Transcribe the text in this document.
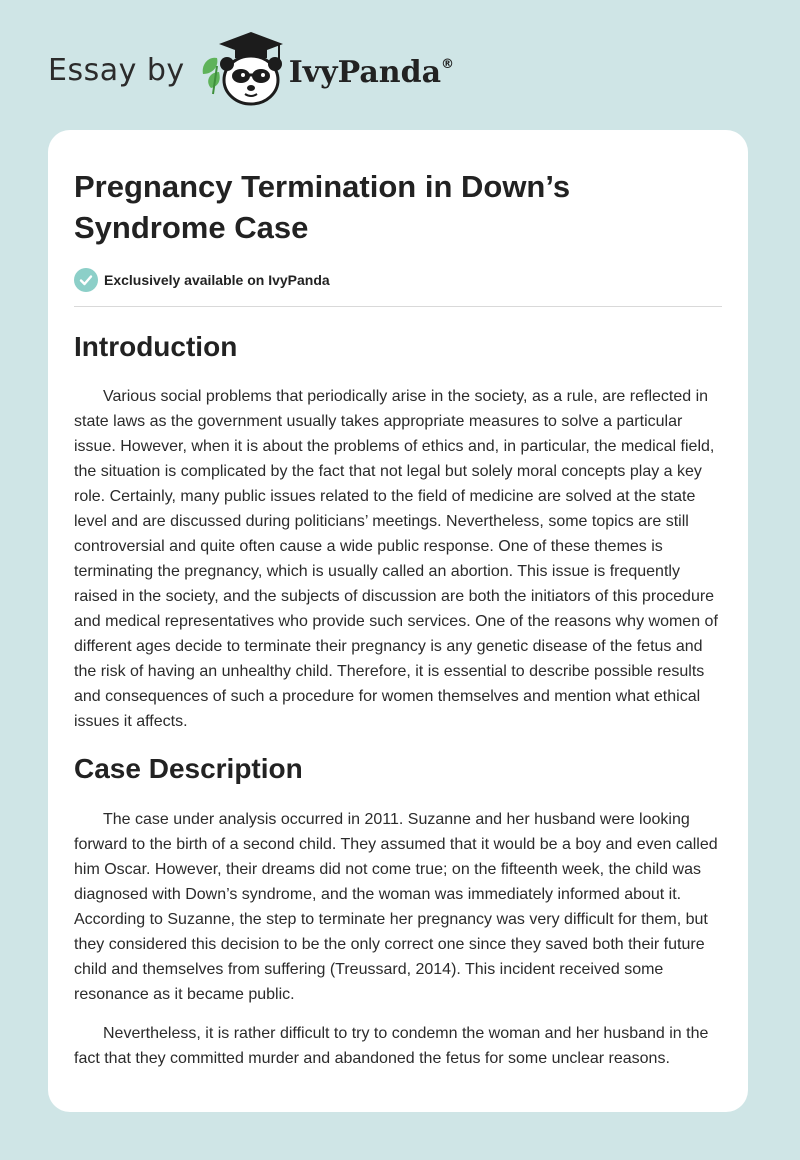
Essay by	IvyPanda®
Pregnancy Termination in Down’s Syndrome Case
Exclusively available on IvyPanda
Introduction

Various social problems that periodically arise in the society, as a rule, are reflected in state laws as the government usually takes appropriate measures to solve a particular issue. However, when it is about the problems of ethics and, in particular, the medical field, the situation is complicated by the fact that not legal but solely moral concepts play a key role. Certainly, many public issues related to the field of medicine are solved at the state level and are discussed during politicians’ meetings. Nevertheless, some topics are still controversial and quite often cause a wide public response. One of these themes is terminating the pregnancy, which is usually called an abortion. This issue is frequently raised in the society, and the subjects of discussion are both the initiators of this procedure and medical representatives who provide such services. One of the reasons why women of different ages decide to terminate their pregnancy is any genetic disease of the fetus and the risk of having an unhealthy child. Therefore, it is essential to describe possible results and consequences of such a procedure for women themselves and mention what ethical issues it affects.

Case Description

The case under analysis occurred in 2011. Suzanne and her husband were looking forward to the birth of a second child. They assumed that it would be a boy and even called him Oscar. However, their dreams did not come true; on the fifteenth week, the child was diagnosed with Down’s syndrome, and the woman was immediately informed about it. According to Suzanne, the step to terminate her pregnancy was very difficult for them, but they considered this decision to be the only correct one since they saved both their future child and themselves from suffering (Treussard, 2014). This incident received some resonance as it became public.

Nevertheless, it is rather difficult to try to condemn the woman and her husband in the fact that they committed murder and abandoned the fetus for some unclear reasons.
